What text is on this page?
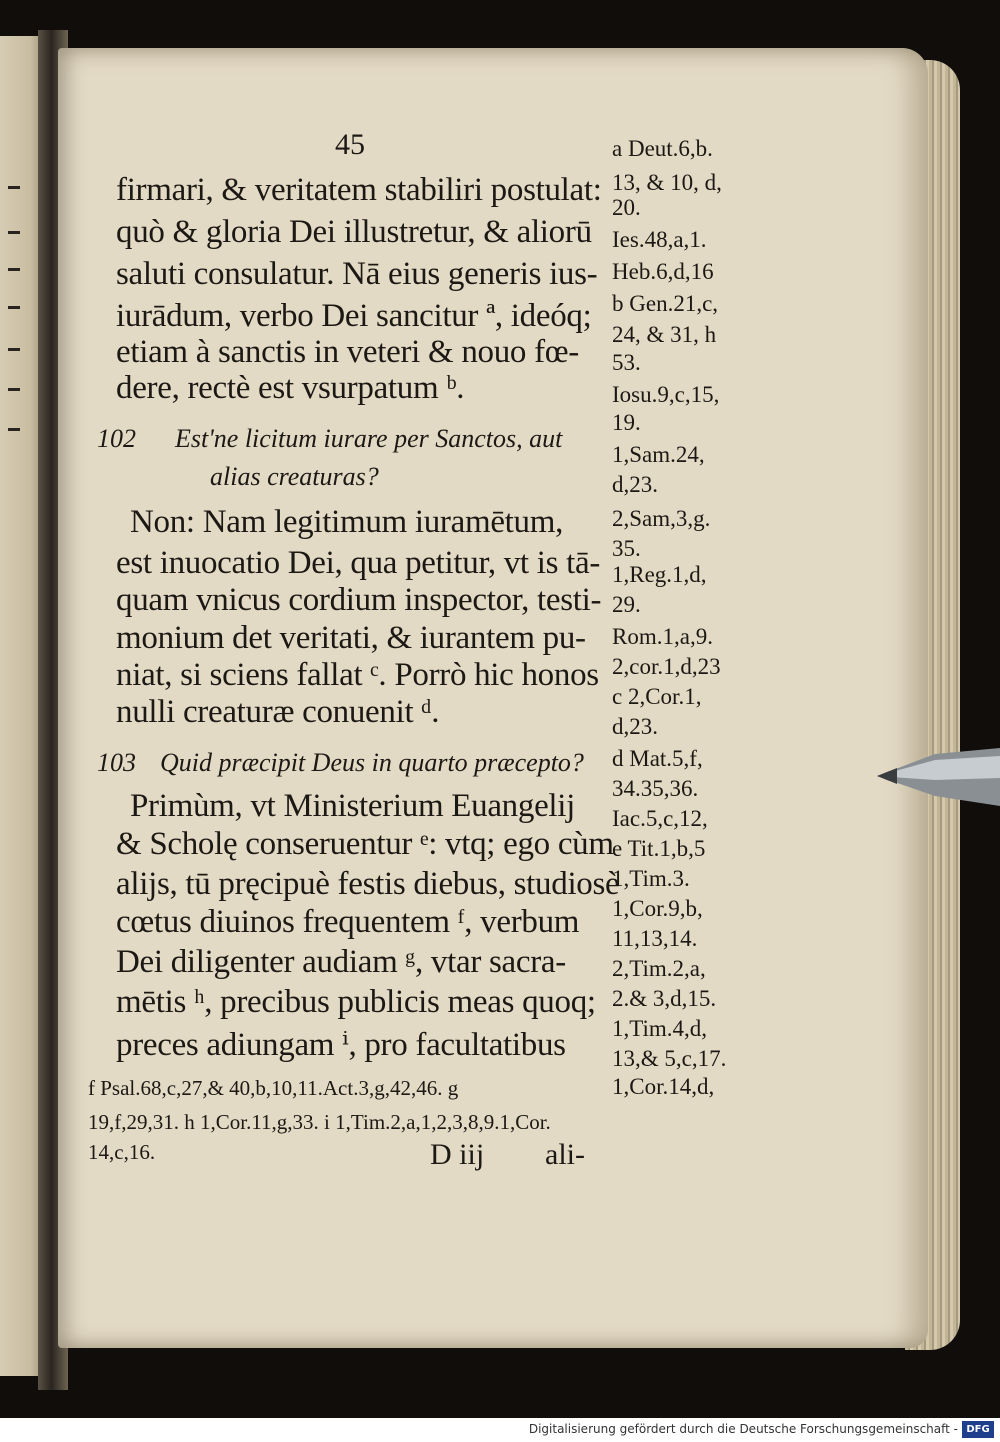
45
firmari, & veritatem stabiliri postulat:
quò & gloria Dei illustretur, & aliorū
saluti consulatur. Nā eius generis ius-
iurādum, verbo Dei sancitur ª, ideóq;
etiam à sanctis in veteri & nouo fœ-
dere, rectè est vsurpatum ᵇ.
102 Est'ne licitum iurare per Sanctos, aut
alias creaturas?
Non: Nam legitimum iuramētum,
est inuocatio Dei, qua petitur, vt is tā-
quam vnicus cordium inspector, testi-
monium det veritati, & iurantem pu-
niat, si sciens fallat ᶜ. Porrò hic honos
nulli creaturæ conuenit ᵈ.
103 Quid præcipit Deus in quarto præcepto?
Primùm, vt Ministerium Euangelij
& Scholę conseruentur ᵉ: vtq; ego cùm
alijs, tū pręcipuè festis diebus, studiosè
cœtus diuinos frequentem ᶠ, verbum
Dei diligenter audiam ᵍ, vtar sacra-
mētis ʰ, precibus publicis meas quoq;
preces adiungam ⁱ, pro facultatibus
a Deut.6,b.
13, & 10, d,
20.
Ies.48,a,1.
Heb.6,d,16
b Gen.21,c,
24, & 31, h
53.
Iosu.9,c,15,
19.
1,Sam.24,
d,23.
2,Sam,3,g.
35.
1,Reg.1,d,
29.
Rom.1,a,9.
2,cor.1,d,23
c 2,Cor.1,
d,23.
d Mat.5,f,
34.35,36.
Iac.5,c,12,
e Tit.1,b,5
1,Tim.3.
1,Cor.9,b,
11,13,14.
2,Tim.2,a,
2.& 3,d,15.
1,Tim.4,d,
13,& 5,c,17.
1,Cor.14,d,
f Psal.68,c,27,& 40,b,10,11.Act.3,g,42,46. g
19,f,29,31. h 1,Cor.11,g,33. i 1,Tim.2,a,1,2,3,8,9.1,Cor.
14,c,16.	D iij ali-
Digitalisierung gefördert durch die Deutsche Forschungsgemeinschaft - DFG
